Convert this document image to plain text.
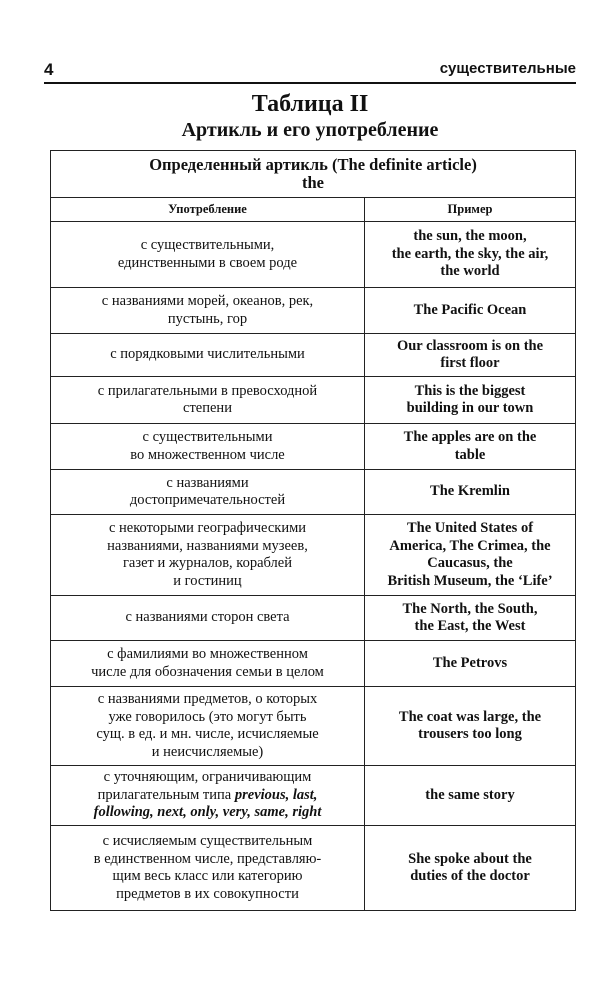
4	существительные
Таблица II
Артикль и его употребление
Определенный артикль (The definite article)
the	

Употребление	Пример

с существительными,
единственными в своем роде	the sun, the moon,
the earth, the sky, the air,
the world

с названиями морей, океанов, рек,
пустынь, гор	The Pacific Ocean

с порядковыми числительными	Our classroom is on the
first floor

с прилагательными в превосходной
степени	This is the biggest
building in our town

с существительными
во множественном числе	The apples are on the
table

с названиями
достопримечательностей	The Kremlin

с некоторыми географическими
названиями, названиями музеев,
газет и журналов, кораблей
и гостиниц	The United States of
America, The Crimea, the
Caucasus, the
British Museum, the ‘Life’

с названиями сторон света	The North, the South,
the East, the West

с фамилиями во множественном
числе для обозначения семьи в целом	The Petrovs

с названиями предметов, о которых
уже говорилось (это могут быть
сущ. в ед. и мн. числе, исчисляемые
и неисчисляемые)	The coat was large, the
trousers too long

с уточняющим, ограничивающим
прилагательным типа previous, last,
following, next, only, very, same, right	the same story

с исчисляемым существительным
в единственном числе, представляю-
щим весь класс или категорию
предметов в их совокупности	She spoke about the
duties of the doctor
